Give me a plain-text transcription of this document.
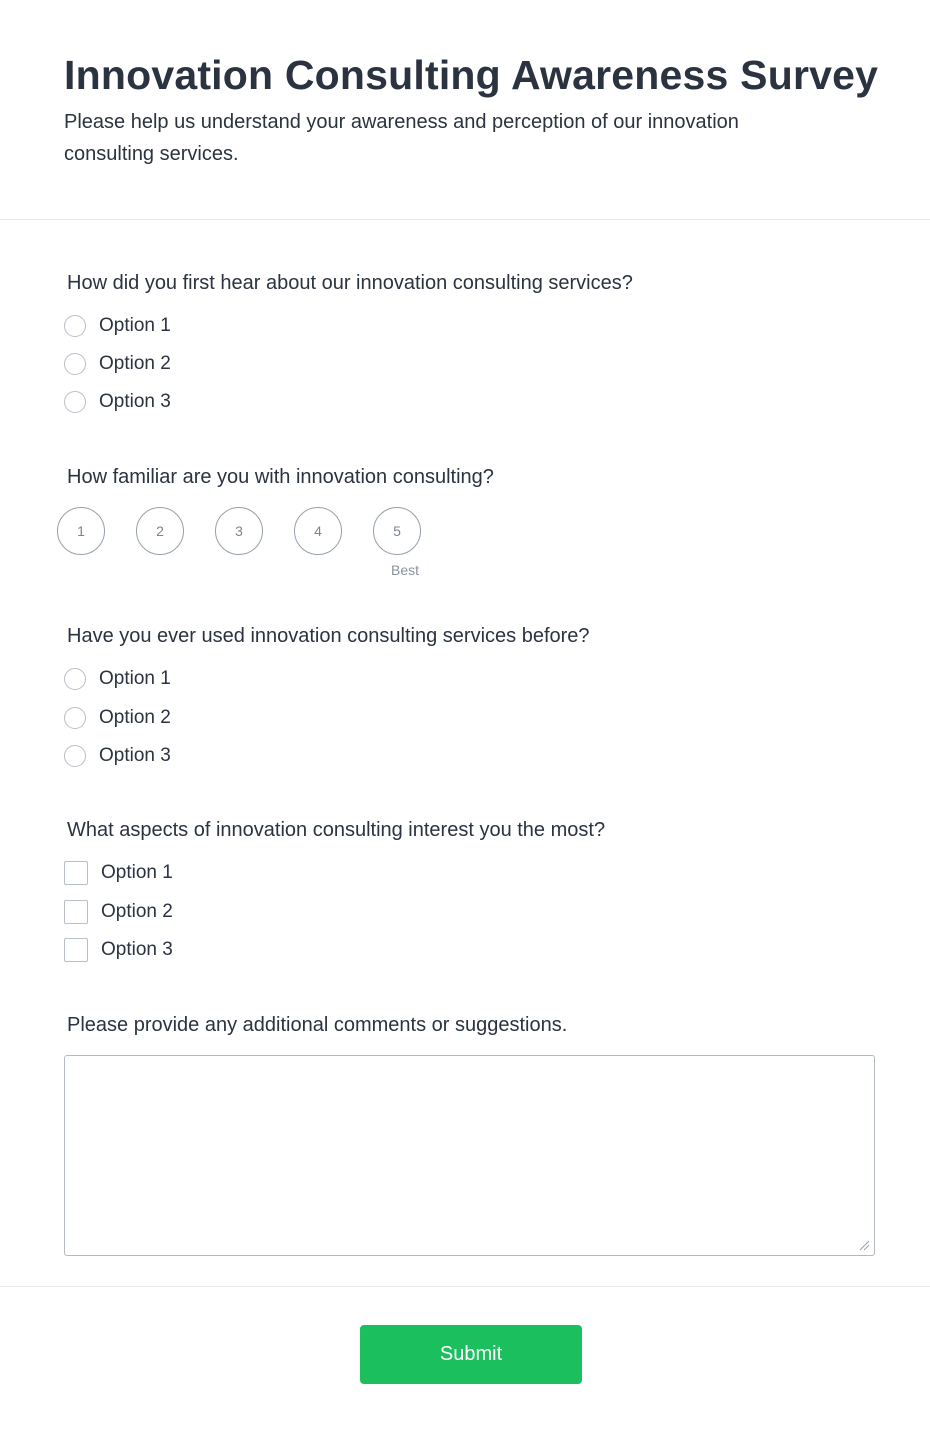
Innovation Consulting Awareness Survey

Please help us understand your awareness and perception of our innovation consulting services.

How did you first hear about our innovation consulting services?

Option 1
Option 2
Option 3

How familiar are you with innovation consulting?

1	2	3	4	5
Best

Have you ever used innovation consulting services before?

Option 1
Option 2
Option 3

What aspects of innovation consulting interest you the most?

Option 1
Option 2
Option 3

Please provide any additional comments or suggestions.

Submit
